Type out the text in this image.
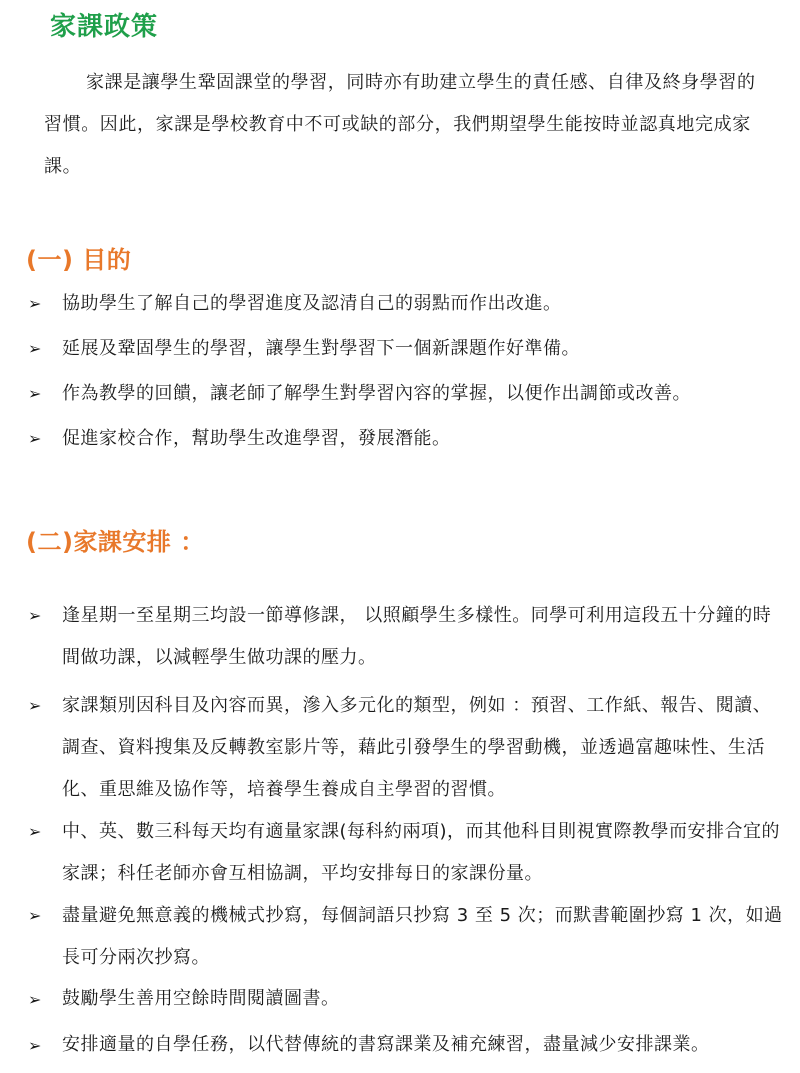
家課政策

家課是讓學生鞏固課堂的學習，同時亦有助建立學生的責任感、自律及終身學習的習慣。因此，家課是學校教育中不可或缺的部分，我們期望學生能按時並認真地完成家課。

(一) 目的
➢ 協助學生了解自己的學習進度及認清自己的弱點而作出改進。
➢ 延展及鞏固學生的學習，讓學生對學習下一個新課題作好準備。
➢ 作為教學的回饋，讓老師了解學生對學習內容的掌握，以便作出調節或改善。
➢ 促進家校合作，幫助學生改進學習，發展潛能。
(二)家課安排 ：
➢ 逢星期一至星期三均設一節導修課， 以照顧學生多樣性。同學可利用這段五十分鐘的時間做功課，以減輕學生做功課的壓力。
➢ 家課類別因科目及內容而異，滲入多元化的類型，例如 ：預習、工作紙、報告、閱讀、調查、資料搜集及反轉教室影片等，藉此引發學生的學習動機，並透過富趣味性、生活化、重思維及協作等，培養學生養成自主學習的習慣。
➢ 中、英、數三科每天均有適量家課(每科約兩項)，而其他科目則視實際教學而安排合宜的家課；科任老師亦會互相協調，平均安排每日的家課份量。
➢ 盡量避免無意義的機械式抄寫，每個詞語只抄寫 3 至 5 次；而默書範圍抄寫 1 次，如過長可分兩次抄寫。
➢ 鼓勵學生善用空餘時間閱讀圖書。
➢ 安排適量的自學任務，以代替傳統的書寫課業及補充練習，盡量減少安排課業。
